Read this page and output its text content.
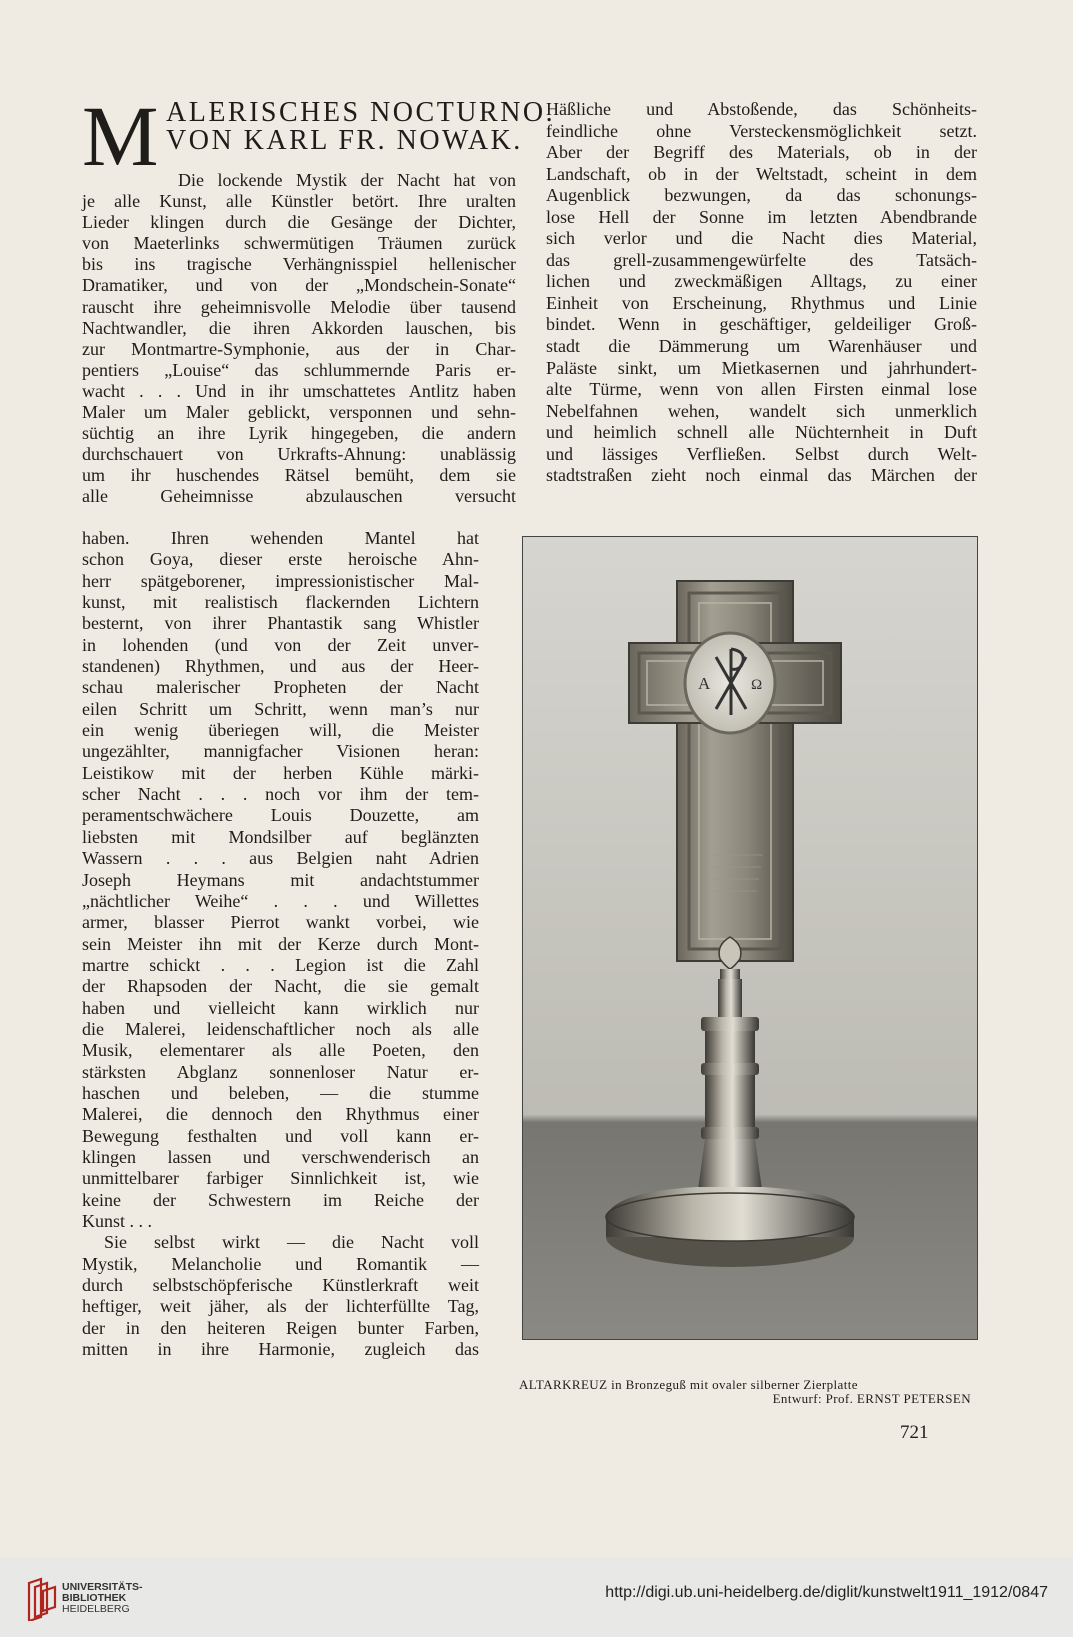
M ALERISCHES NOCTURNO.
VON KARL FR. NOWAK.
Die lockende Mystik der Nacht hat von
je alle Kunst, alle Künstler betört. Ihre uralten
Lieder klingen durch die Gesänge der Dichter,
von Maeterlinks schwermütigen Träumen zurück
bis ins tragische Verhängnisspiel hellenischer
Dramatiker, und von der „Mondschein-Sonate“
rauscht ihre geheimnisvolle Melodie über tausend
Nachtwandler, die ihren Akkorden lauschen, bis
zur Montmartre-Symphonie, aus der in Char-
pentiers „Louise“ das schlummernde Paris er-
wacht . . . Und in ihr umschattetes Antlitz haben
Maler um Maler geblickt, versponnen und sehn-
süchtig an ihre Lyrik hingegeben, die andern
durchschauert von Urkrafts-Ahnung: unablässig
um ihr huschendes Rätsel bemüht, dem sie
alle Geheimnisse abzulauschen versucht
haben. Ihren wehenden Mantel hat
schon Goya, dieser erste heroische Ahn-
herr spätgeborener, impressionistischer Mal-
kunst, mit realistisch flackernden Lichtern
besternt, von ihrer Phantastik sang Whistler
in lohenden (und von der Zeit unver-
standenen) Rhythmen, und aus der Heer-
schau malerischer Propheten der Nacht
eilen Schritt um Schritt, wenn man’s nur
ein wenig überiegen will, die Meister
ungezählter, mannigfacher Visionen heran:
Leistikow mit der herben Kühle märki-
scher Nacht . . . noch vor ihm der tem-
peramentschwächere Louis Douzette, am
liebsten mit Mondsilber auf beglänzten
Wassern . . . aus Belgien naht Adrien
Joseph Heymans mit andachtstummer
„nächtlicher Weihe“ . . . und Willettes
armer, blasser Pierrot wankt vorbei, wie
sein Meister ihn mit der Kerze durch Mont-
martre schickt . . . Legion ist die Zahl
der Rhapsoden der Nacht, die sie gemalt
haben und vielleicht kann wirklich nur
die Malerei, leidenschaftlicher noch als alle
Musik, elementarer als alle Poeten, den
stärksten Abglanz sonnenloser Natur er-
haschen und beleben, — die stumme
Malerei, die dennoch den Rhythmus einer
Bewegung festhalten und voll kann er-
klingen lassen und verschwenderisch an
unmittelbarer farbiger Sinnlichkeit ist, wie
keine der Schwestern im Reiche der
Kunst . . .
Sie selbst wirkt — die Nacht voll
Mystik, Melancholie und Romantik —
durch selbstschöpferische Künstlerkraft weit
heftiger, weit jäher, als der lichterfüllte Tag,
der in den heiteren Reigen bunter Farben,
mitten in ihre Harmonie, zugleich das
Häßliche und Abstoßende, das Schönheits-
feindliche ohne Versteckensmöglichkeit setzt.
Aber der Begriff des Materials, ob in der
Landschaft, ob in der Weltstadt, scheint in dem
Augenblick bezwungen, da das schonungs-
lose Hell der Sonne im letzten Abendbrande
sich verlor und die Nacht dies Material,
das grell-zusammengewürfelte des Tatsäch-
lichen und zweckmäßigen Alltags, zu einer
Einheit von Erscheinung, Rhythmus und Linie
bindet. Wenn in geschäftiger, geldeiliger Groß-
stadt die Dämmerung um Warenhäuser und
Paläste sinkt, um Mietkasernen und jahrhundert-
alte Türme, wenn von allen Firsten einmal lose
Nebelfahnen wehen, wandelt sich unmerklich
und heimlich schnell alle Nüchternheit in Duft
und lässiges Verfließen. Selbst durch Welt-
stadtstraßen zieht noch einmal das Märchen der
A	Ω
ALTARKREUZ in Bronzeguß mit ovaler silberner Zierplatte
Entwurf: Prof. ERNST PETERSEN
721
UNIVERSITÄTS-
BIBLIOTHEK
HEIDELBERG
http://digi.ub.uni-heidelberg.de/diglit/kunstwelt1911_1912/0847
